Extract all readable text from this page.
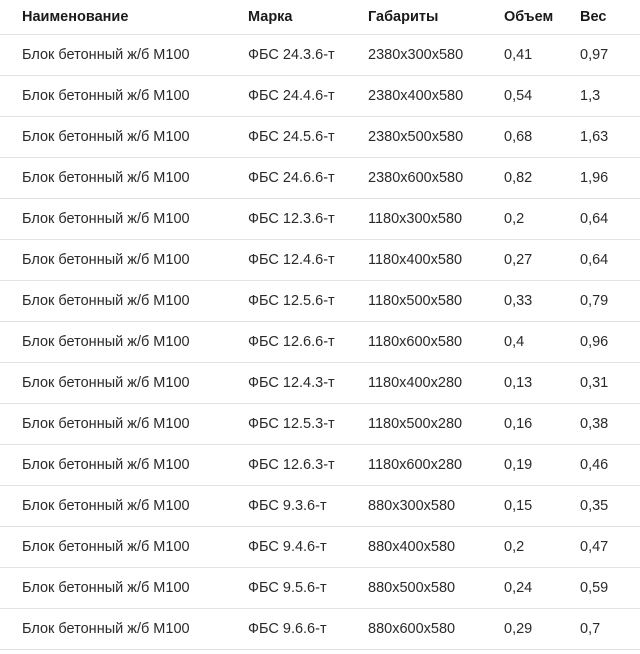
Наименование	Марка	Габариты	Объем	Вес
Блок бетонный ж/б М100	ФБС 24.3.6-т	2380х300х580	0,41	0,97
Блок бетонный ж/б М100	ФБС 24.4.6-т	2380х400х580	0,54	1,3
Блок бетонный ж/б М100	ФБС 24.5.6-т	2380х500х580	0,68	1,63
Блок бетонный ж/б М100	ФБС 24.6.6-т	2380х600х580	0,82	1,96
Блок бетонный ж/б М100	ФБС 12.3.6-т	1180х300х580	0,2	0,64
Блок бетонный ж/б М100	ФБС 12.4.6-т	1180х400х580	0,27	0,64
Блок бетонный ж/б М100	ФБС 12.5.6-т	1180х500х580	0,33	0,79
Блок бетонный ж/б М100	ФБС 12.6.6-т	1180х600х580	0,4	0,96
Блок бетонный ж/б М100	ФБС 12.4.3-т	1180х400х280	0,13	0,31
Блок бетонный ж/б М100	ФБС 12.5.3-т	1180х500х280	0,16	0,38
Блок бетонный ж/б М100	ФБС 12.6.3-т	1180х600х280	0,19	0,46
Блок бетонный ж/б М100	ФБС 9.3.6-т	880х300х580	0,15	0,35
Блок бетонный ж/б М100	ФБС 9.4.6-т	880х400х580	0,2	0,47
Блок бетонный ж/б М100	ФБС 9.5.6-т	880х500х580	0,24	0,59
Блок бетонный ж/б М100	ФБС 9.6.6-т	880х600х580	0,29	0,7
